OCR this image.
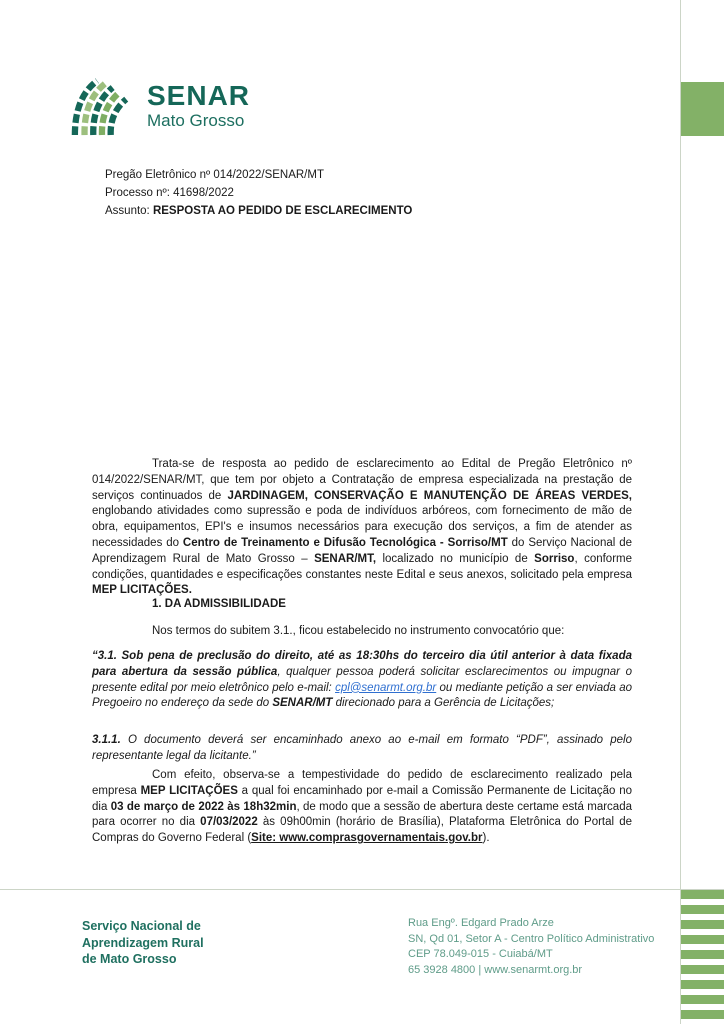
SENAR
Mato Grosso
Pregão Eletrônico nº 014/2022/SENAR/MT
Processo nº: 41698/2022
Assunto: RESPOSTA AO PEDIDO DE ESCLARECIMENTO
Trata-se de resposta ao pedido de esclarecimento ao Edital de Pregão Eletrônico nº 014/2022/SENAR/MT, que tem por objeto a Contratação de empresa especializada na prestação de serviços continuados de JARDINAGEM, CONSERVAÇÃO E MANUTENÇÃO DE ÁREAS VERDES, englobando atividades como supressão e poda de indivíduos arbóreos, com fornecimento de mão de obra, equipamentos, EPI's e insumos necessários para execução dos serviços, a fim de atender as necessidades do Centro de Treinamento e Difusão Tecnológica - Sorriso/MT do Serviço Nacional de Aprendizagem Rural de Mato Grosso – SENAR/MT, localizado no município de Sorriso, conforme condições, quantidades e especificações constantes neste Edital e seus anexos, solicitado pela empresa MEP LICITAÇÕES.
1. DA ADMISSIBILIDADE
Nos termos do subitem 3.1., ficou estabelecido no instrumento convocatório que:
“3.1. Sob pena de preclusão do direito, até as 18:30hs do terceiro dia útil anterior à data fixada para abertura da sessão pública, qualquer pessoa poderá solicitar esclarecimentos ou impugnar o presente edital por meio eletrônico pelo e-mail: cpl@senarmt.org.br ou mediante petição a ser enviada ao Pregoeiro no endereço da sede do SENAR/MT direcionado para a Gerência de Licitações;
3.1.1. O documento deverá ser encaminhado anexo ao e-mail em formato “PDF”, assinado pelo representante legal da licitante.”
Com efeito, observa-se a tempestividade do pedido de esclarecimento realizado pela empresa MEP LICITAÇÕES a qual foi encaminhado por e-mail a Comissão Permanente de Licitação no dia 03 de março de 2022 às 18h32min, de modo que a sessão de abertura deste certame está marcada para ocorrer no dia 07/03/2022 às 09h00min (horário de Brasília), Plataforma Eletrônica do Portal de Compras do Governo Federal (Site: www.comprasgovernamentais.gov.br).
Serviço Nacional de
Aprendizagem Rural
de Mato Grosso
Rua Engº. Edgard Prado Arze
SN, Qd 01, Setor A - Centro Político Administrativo
CEP 78.049-015 - Cuiabá/MT
65 3928 4800 | www.senarmt.org.br
